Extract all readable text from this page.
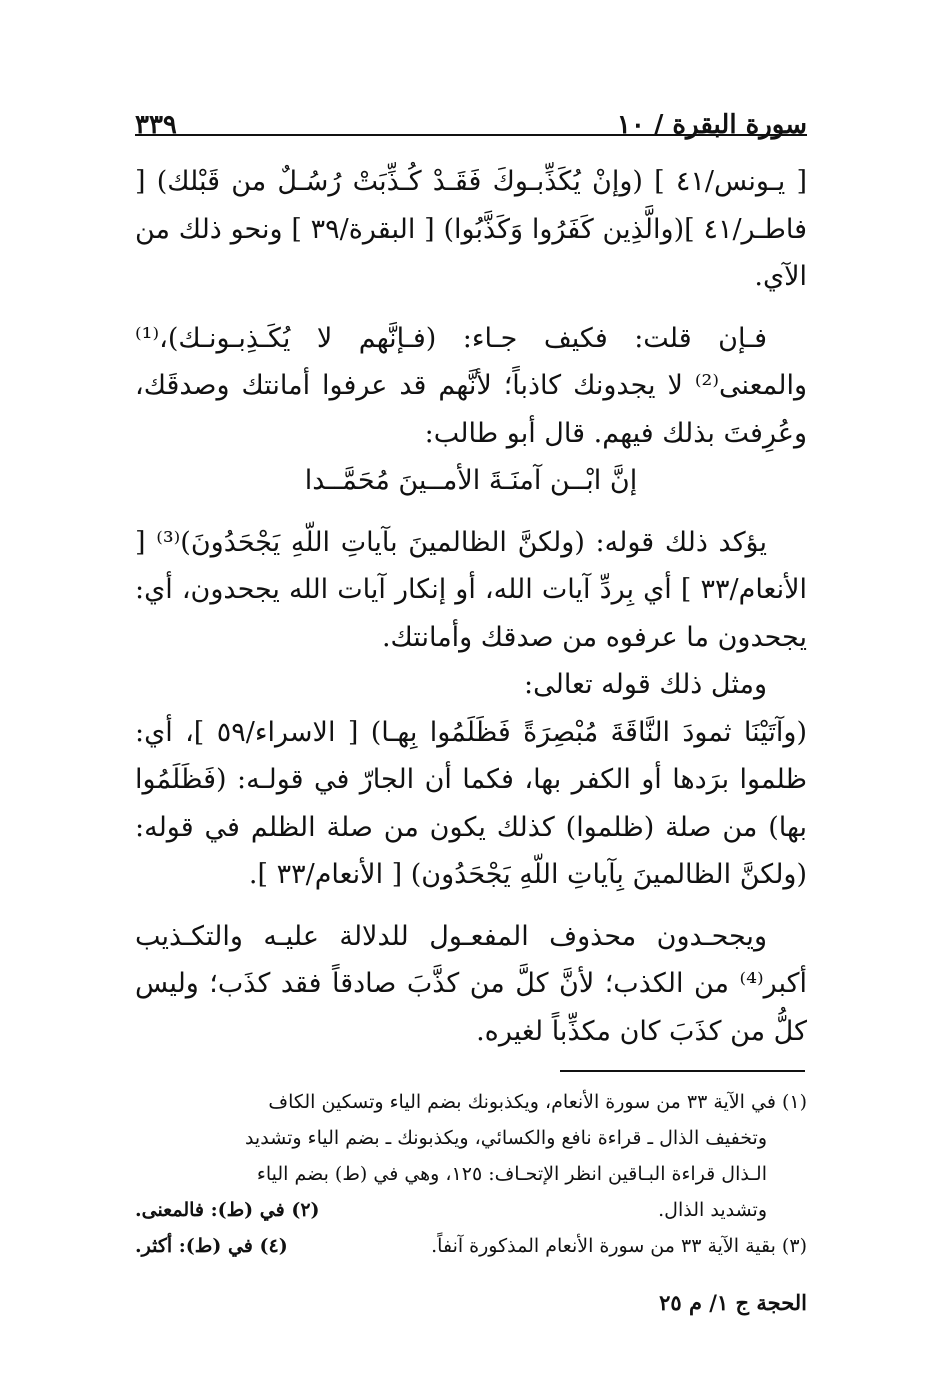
سورة البقرة / ١٠
٣٣٩

[ يـونس/٤١ ] (وإنْ يُكَذِّبـوكَ فَقَـدْ كُـذِّبَتْ رُسُـلٌ من قَبْلك) [ فاطـر/٤١ ](والَّذِين كَفَرُوا وَكَذَّبُوا) [ البقرة/٣٩ ] ونحو ذلك من الآي.

فـإن قلت: فكيف جـاء: (فـإنَّهم لا يُكَـذِبـونـك)،⁽¹⁾ والمعنى⁽²⁾ لا يجدونك كاذباً؛ لأنَّهم قد عرفوا أمانتك وصدقَك، وعُرِفتَ بذلك فيهم. قال أبو طالب:

إنَّ ابْــن آمنَـةَ الأمــينَ مُحَمَّــدا

يؤكد ذلك قوله: (ولكنَّ الظالمينَ بآياتِ اللّهِ يَجْحَدُونَ)⁽³⁾ [ الأنعام/٣٣ ] أي بِردِّ آيات الله، أو إنكار آيات الله يجحدون، أي: يجحدون ما عرفوه من صدقك وأمانتك.

ومثل ذلك قوله تعالى:

(وآتَيْنَا ثمودَ النَّاقَةَ مُبْصِرَةً فَظَلَمُوا بِهـا) [ الاسراء/٥٩ ]، أي: ظلموا برَدها أو الكفر بها، فكما أن الجارّ في قولـه: (فَظَلَمُوا بها) من صلة (ظلموا) كذلك يكون من صلة الظلم في قوله: (ولكنَّ الظالمينَ بِآياتِ اللّهِ يَجْحَدُون) [ الأنعام/٣٣ ].

ويجحـدون محذوف المفعـول للدلالة عليـه والتكـذيب أكبر⁽⁴⁾ من الكذب؛ لأنَّ كلَّ من كذَّبَ صادقاً فقد كذَب؛ وليس كلُّ من كذَبَ كان مكذِّباً لغيره.

(١) في الآية ٣٣ من سورة الأنعام، ويكذبونك بضم الياء وتسكين الكاف

وتخفيف الذال ـ قراءة نافع والكسائي، ويكذبونك ـ بضم الياء وتشديد

الـذال قراءة البـاقين انظر الإتحـاف: ١٢٥، وهي في (ط) بضم الياء

وتشديد الذال.
(٢) في (ط): فالمعنى.
(٣) بقية الآية ٣٣ من سورة الأنعام المذكورة آنفاً.
(٤) في (ط): أكثر.
الحجة ج ١/ م ٢٥
